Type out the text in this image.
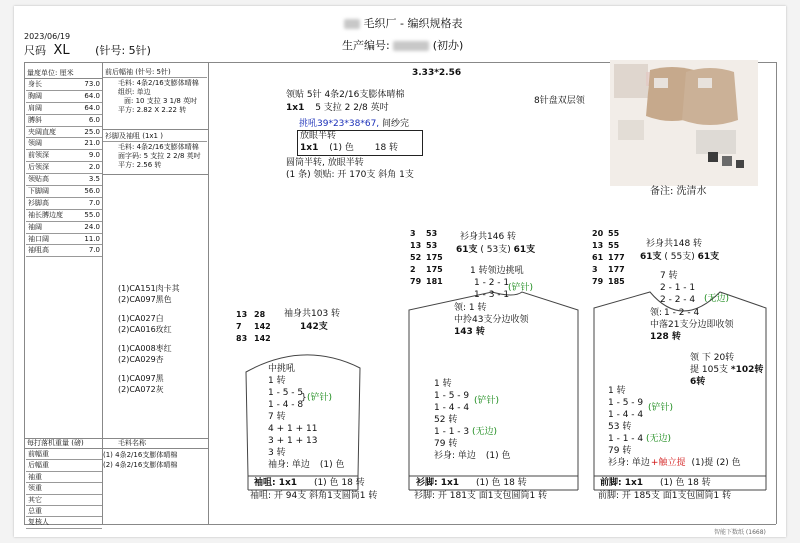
2023/06/19
尺码 XL (针号: 5针)
毛织厂 - 编织规格表
生产编号:	(初办)
量度单位: 厘米
身长	73.0
胸阔	64.0
肩阔	64.0
膊斜	6.0
夹阔直度	25.0
领阔	21.0
前领深	9.0
后领深	2.0
领贴高	3.5
下脚阔	56.0
衫脚高	7.0
袖长膊边度	55.0
袖阔	24.0
袖口阔	11.0
袖咀高	7.0
前后幅袖 (针号: 5针)
毛料: 4条2/16支膨体晴棉
组织: 单边
面: 10 支拉 3 1/8 英吋
平方: 2.82 X 2.22 转
衫脚及袖咀 (1x1 )
毛料: 4条2/16支膨体晴棉
面字码: 5 支拉 2 2/8 英吋
平方: 2.56 转
(1)CA151肉卡其
(2)CA097黑色
(1)CA027白
(2)CA016玫红
(1)CA008枣红
(2)CA029杏
(1)CA097黑
(2)CA072灰
每打落机重量 (磅)	毛料名称
前幅重
后幅重
袖重
领重
其它
总重
复核人
(1) 4条2/16支膨体晴棉
(2) 4条2/16支膨体晴棉
3.33*2.56
领贴 5针 4条2/16支膨体晴棉
1x1 5 支拉 2 2/8 英吋
挑吼39*23*38*67, 间纱完
放眼半转
1x1 (1) 色 18 转
圆筒半转, 放眼半转
(1 条) 领贴: 开 170支 斜角 1支
8针盘双层领
备注: 洗清水
13 28
7 142
83 142
袖身共103 转
142支
中挑吼
1 转
1 - 5 - 5
1 - 4 - 8
7 转
4 + 1 + 11
3 + 1 + 13
3 转
袖身: 单边 (1) 色
} (铲针)
袖咀: 1x1 (1) 色 18 转
袖咀: 开 94支 斜角1支圆筒1 转
3 53
13 53
52 175
2 175
79 181
衫身共146 转
61支 ( 53支) 61支
1 转领边挑吼
1 - 2 - 1
1 - 3 - 1
(铲针)
领: 1 转
中拎43支分边收领
143 转
1 转
1 - 5 - 9
1 - 4 - 4
52 转
1 - 1 - 3 (无边)
79 转
衫身: 单边 (1) 色
(铲针)
衫脚: 1x1 (1) 色 18 转
衫脚: 开 181支 面1支包圆筒1 转
20 55
13 55
61 177
3 177
79 185
衫身共148 转
61支 ( 55支) 61支
7 转
2 - 1 - 1
2 - 2 - 4 (无边)
领: 1 - 2 - 4
中落21支分边即收领
128 转
领 下 20转
提 105支 *102转
6转
1 转
1 - 5 - 9
1 - 4 - 4
53 转
1 - 1 - 4 (无边)
79 转
衫身: 单边+触立提 (1)提 (2) 色
(铲针)
前脚: 1x1 (1) 色 18 转
前脚: 开 185支 面1支包圆筒1 转
智能下数纸 (1668)
